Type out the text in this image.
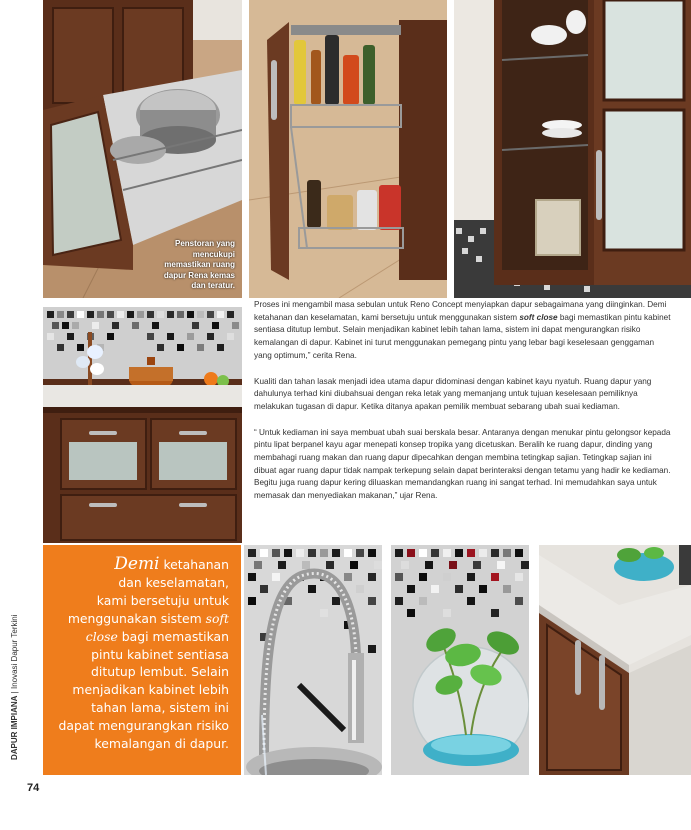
Penstoran yang
mencukupi
memastikan ruang
dapur Rena kemas
dan teratur.

Proses ini mengambil masa sebulan untuk Reno Concept menyiapkan dapur sebagaimana yang diinginkan. Demi ketahanan dan keselamatan, kami bersetuju untuk menggunakan sistem soft close bagi memastikan pintu kabinet sentiasa ditutup lembut. Selain menjadikan kabinet lebih tahan lama, sistem ini dapat mengurangkan risiko kemalangan di dapur. Kabinet ini turut menggunakan pemegang pintu yang lebar bagi keselesaan genggaman yang optimum,” cerita Rena.

Kualiti dan tahan lasak menjadi idea utama dapur didominasi dengan kabinet kayu nyatuh. Ruang dapur yang dahulunya terhad kini diubahsuai dengan reka letak yang memanjang untuk tujuan keselesaan pemiliknya melakukan tugasan di dapur. Ketika ditanya apakan pemilik membuat sebarang ubah suai kediaman.

“ Untuk kediaman ini saya membuat ubah suai berskala besar. Antaranya dengan menukar pintu gelongsor kepada pintu lipat berpanel kayu agar menepati konsep tropika yang dicetuskan. Beralih ke ruang dapur, dinding yang membahagi ruang makan dan ruang dapur dipecahkan dengan membina tetingkap sajian. Tetingkap sajian ini dibuat agar ruang dapur tidak nampak terkepung selain dapat berinteraksi dengan tetamu yang hadir ke kediaman. Begitu juga ruang dapur kering diluaskan memandangkan ruang ini sangat terhad. Ini memudahkan saya untuk memasak dan menyediakan makanan,” ujar Rena.

Demi ketahanan
dan keselamatan,
kami bersetuju untuk
menggunakan sistem soft
close bagi memastikan
pintu kabinet sentiasa
ditutup lembut. Selain
menjadikan kabinet lebih
tahan lama, sistem ini
dapat mengurangkan risiko
kemalangan di dapur.
DAPUR IMPIANA | Inovasi Dapur Terkini
74
